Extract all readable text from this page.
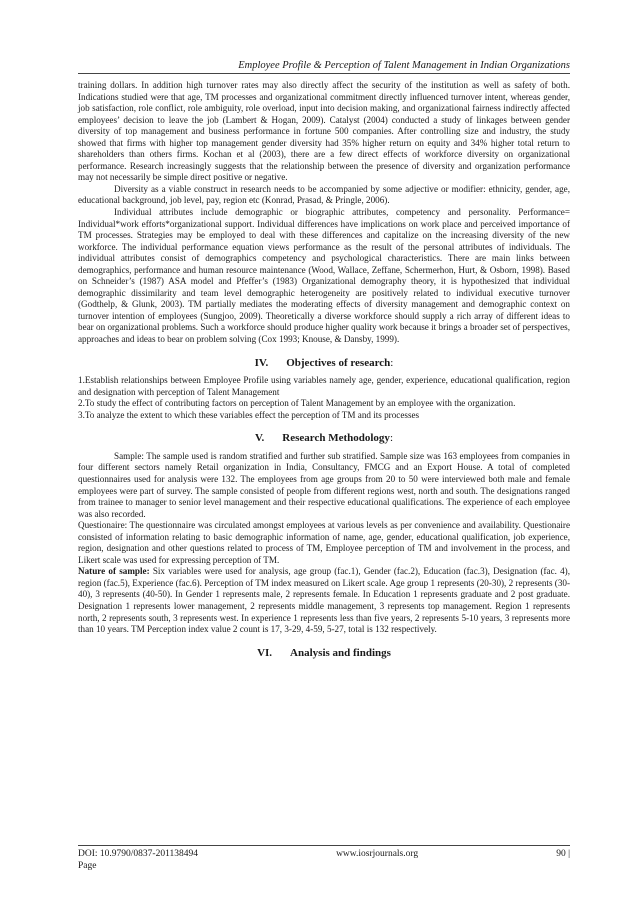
Employee Profile & Perception of Talent Management in Indian Organizations

training dollars. In addition high turnover rates may also directly affect the security of the institution as well as safety of both. Indications studied were that age, TM processes and organizational commitment directly influenced turnover intent, whereas gender, job satisfaction, role conflict, role ambiguity, role overload, input into decision making, and organizational fairness indirectly affected employees’ decision to leave the job (Lambert & Hogan, 2009). Catalyst (2004) conducted a study of linkages between gender diversity of top management and business performance in fortune 500 companies. After controlling size and industry, the study showed that firms with higher top management gender diversity had 35% higher return on equity and 34% higher total return to shareholders than others firms. Kochan et al (2003), there are a few direct effects of workforce diversity on organizational performance. Research increasingly suggests that the relationship between the presence of diversity and organization performance may not necessarily be simple direct positive or negative.

Diversity as a viable construct in research needs to be accompanied by some adjective or modifier: ethnicity, gender, age, educational background, job level, pay, region etc (Konrad, Prasad, & Pringle, 2006).

Individual attributes include demographic or biographic attributes, competency and personality. Performance= Individual*work efforts*organizational support. Individual differences have implications on work place and perceived importance of TM processes. Strategies may be employed to deal with these differences and capitalize on the increasing diversity of the new workforce. The individual performance equation views performance as the result of the personal attributes of individuals. The individual attributes consist of demographics competency and psychological characteristics. There are main links between demographics, performance and human resource maintenance (Wood, Wallace, Zeffane, Schermerhon, Hurt, & Osborn, 1998). Based on Schneider’s (1987) ASA model and Pfeffer’s (1983) Organizational demography theory, it is hypothesized that individual demographic dissimilarity and team level demographic heterogeneity are positively related to individual executive turnover (Godthelp, & Glunk, 2003). TM partially mediates the moderating effects of diversity management and demographic context on turnover intention of employees (Sungjoo, 2009). Theoretically a diverse workforce should supply a rich array of different ideas to bear on organizational problems. Such a workforce should produce higher quality work because it brings a broader set of perspectives, approaches and ideas to bear on problem solving (Cox 1993; Knouse, & Dansby, 1999).

IV. Objectives of research:

1.Establish relationships between Employee Profile using variables namely age, gender, experience, educational qualification, region and designation with perception of Talent Management

2.To study the effect of contributing factors on perception of Talent Management by an employee with the organization.

3.To analyze the extent to which these variables effect the perception of TM and its processes

V. Research Methodology:

Sample: The sample used is random stratified and further sub stratified. Sample size was 163 employees from companies in four different sectors namely Retail organization in India, Consultancy, FMCG and an Export House. A total of completed questionnaires used for analysis were 132. The employees from age groups from 20 to 50 were interviewed both male and female employees were part of survey. The sample consisted of people from different regions west, north and south. The designations ranged from trainee to manager to senior level management and their respective educational qualifications. The experience of each employee was also recorded.

Questionaire: The questionnaire was circulated amongst employees at various levels as per convenience and availability. Questionaire consisted of information relating to basic demographic information of name, age, gender, educational qualification, job experience, region, designation and other questions related to process of TM, Employee perception of TM and involvement in the process, and Likert scale was used for expressing perception of TM.

Nature of sample: Six variables were used for analysis, age group (fac.1), Gender (fac.2), Education (fac.3), Designation (fac. 4), region (fac.5), Experience (fac.6). Perception of TM index measured on Likert scale. Age group 1 represents (20-30), 2 represents (30-40), 3 represents (40-50). In Gender 1 represents male, 2 represents female. In Education 1 represents graduate and 2 post graduate. Designation 1 represents lower management, 2 represents middle management, 3 represents top management. Region 1 represents north, 2 represents south, 3 represents west. In experience 1 represents less than five years, 2 represents 5-10 years, 3 represents more than 10 years. TM Perception index value 2 count is 17, 3-29, 4-59, 5-27, total is 132 respectively.

VI. Analysis and findings
DOI: 10.9790/0837-201138494	www.iosrjournals.org	90 |
Page
